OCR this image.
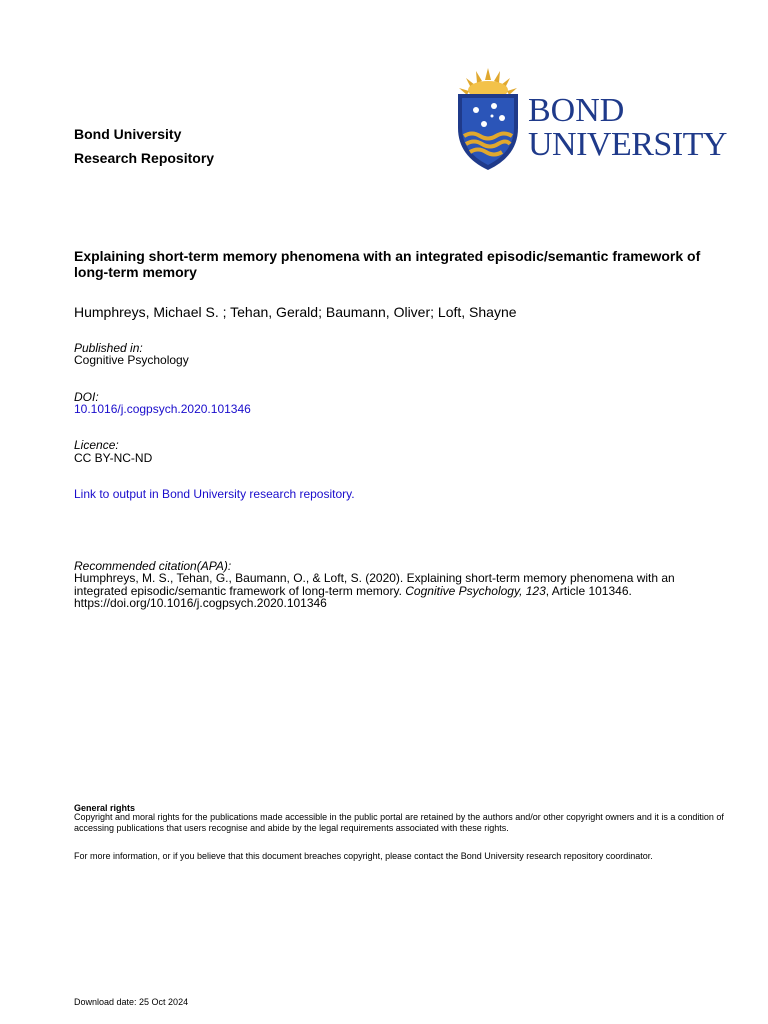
Bond University
Research Repository
BOND
UNIVERSITY
Explaining short-term memory phenomena with an integrated episodic/semantic framework of long-term memory
Humphreys, Michael S. ; Tehan, Gerald; Baumann, Oliver; Loft, Shayne
Published in:
Cognitive Psychology
DOI:
10.1016/j.cogpsych.2020.101346
Licence:
CC BY-NC-ND
Link to output in Bond University research repository.
Recommended citation(APA):
Humphreys, M. S., Tehan, G., Baumann, O., & Loft, S. (2020). Explaining short-term memory phenomena with an integrated episodic/semantic framework of long-term memory. Cognitive Psychology, 123, Article 101346. https://doi.org/10.1016/j.cogpsych.2020.101346
General rights
Copyright and moral rights for the publications made accessible in the public portal are retained by the authors and/or other copyright owners and it is a condition of accessing publications that users recognise and abide by the legal requirements associated with these rights.
For more information, or if you believe that this document breaches copyright, please contact the Bond University research repository coordinator.
Download date: 25 Oct 2024
